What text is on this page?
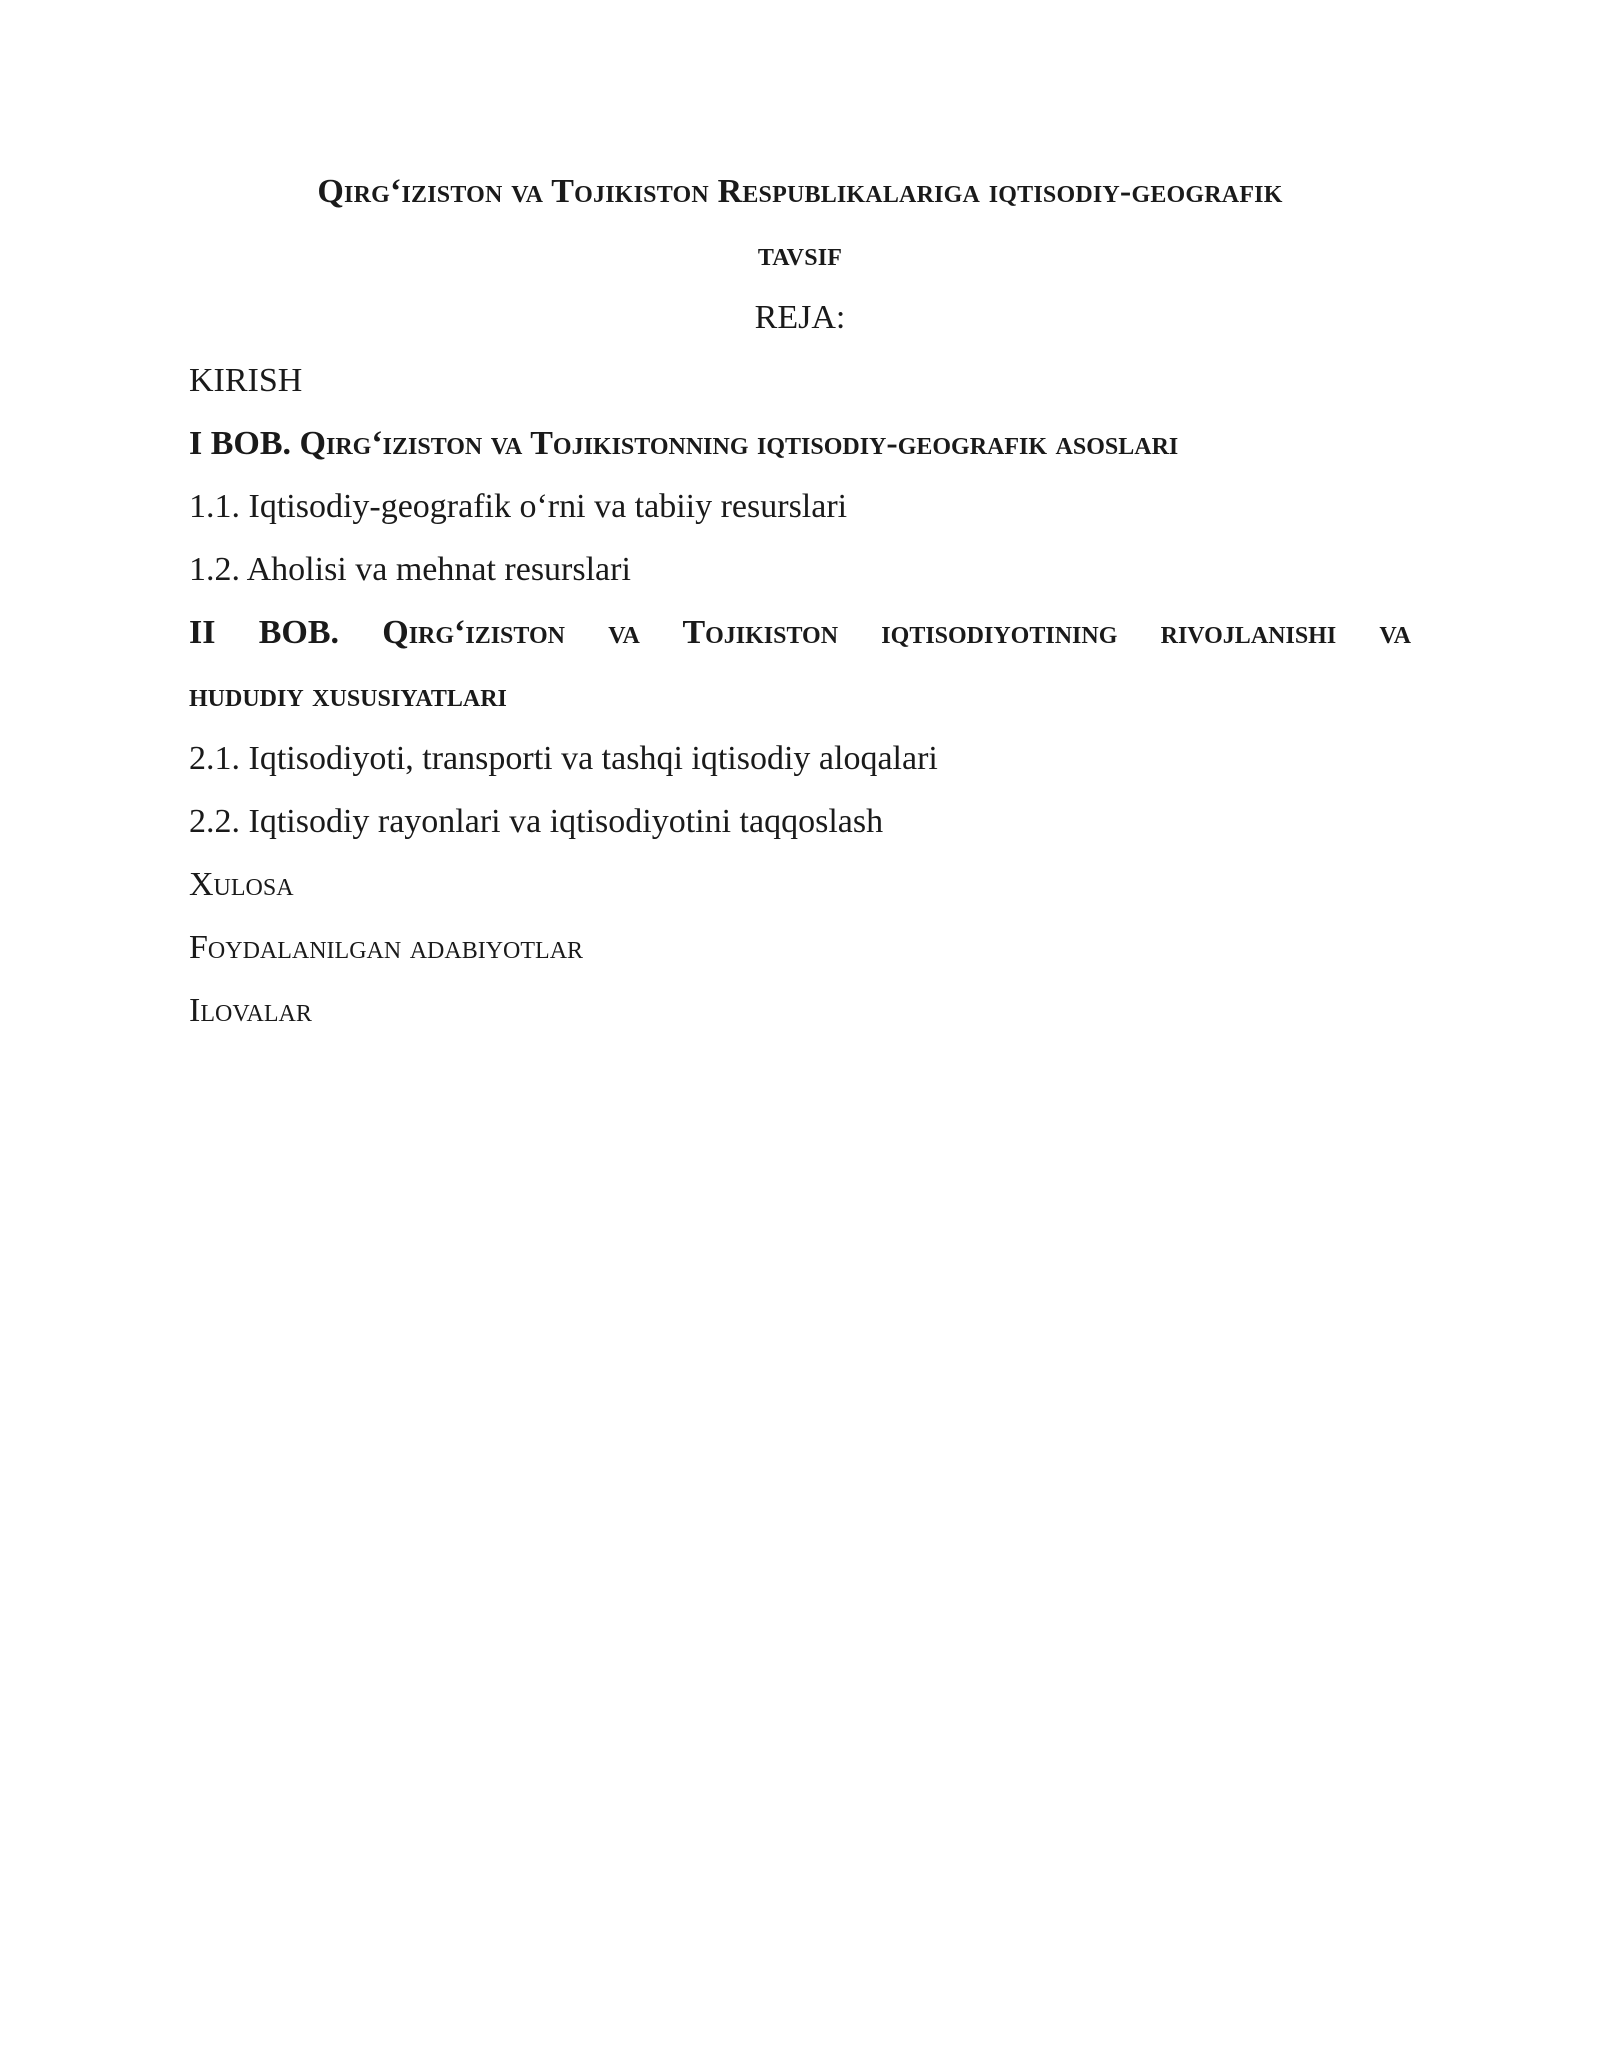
Qirg‘iziston va Tojikiston Respublikalariga iqtisodiy-geografik

tavsif

REJA:

KIRISH

I BOB. Qirg‘iziston va Tojikistonning iqtisodiy-geografik asoslari

1.1. Iqtisodiy-geografik o‘rni va tabiiy resurslari

1.2. Aholisi va mehnat resurslari

II BOB. Qirg‘iziston va Tojikiston iqtisodiyotining rivojlanishi va

hududiy xususiyatlari

2.1. Iqtisodiyoti, transporti va tashqi iqtisodiy aloqalari

2.2. Iqtisodiy rayonlari va iqtisodiyotini taqqoslash

Xulosa

Foydalanilgan adabiyotlar

Ilovalar
